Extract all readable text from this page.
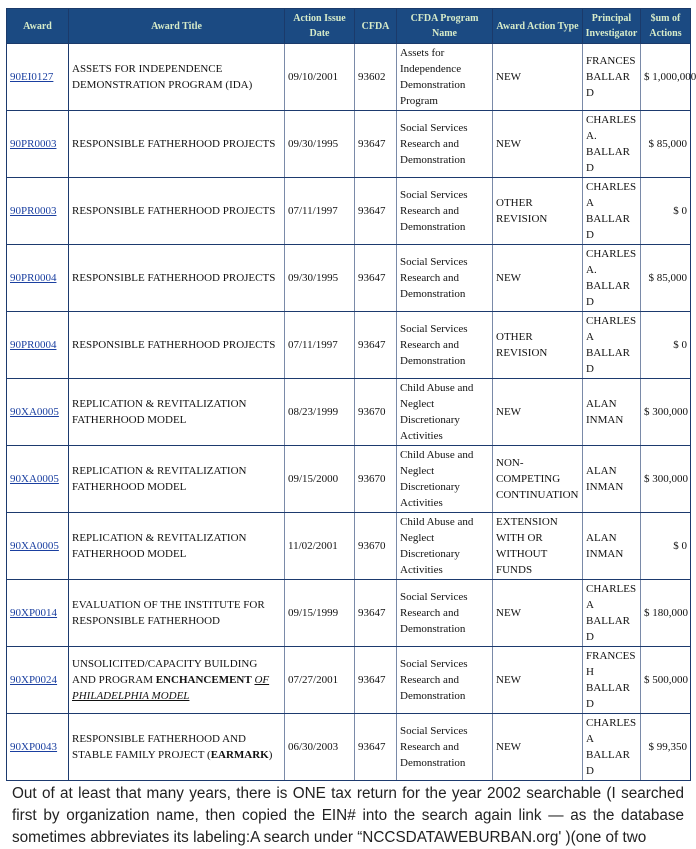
Award	Award Title	Action Issue Date	CFDA	CFDA Program Name	Award Action Type	Principal Investigator	$um of Actions
90EI0127	ASSETS FOR INDEPENDENCE DEMONSTRATION PROGRAM (IDA)	09/10/2001	93602	Assets for Independence Demonstration Program	NEW	FRANCES BALLARD	$ 1,000,000
90PR0003	RESPONSIBLE FATHERHOOD PROJECTS	09/30/1995	93647	Social Services Research and Demonstration	NEW	CHARLES A. BALLARD	$ 85,000
90PR0003	RESPONSIBLE FATHERHOOD PROJECTS	07/11/1997	93647	Social Services Research and Demonstration	OTHER REVISION	CHARLES A BALLARD	$ 0
90PR0004	RESPONSIBLE FATHERHOOD PROJECTS	09/30/1995	93647	Social Services Research and Demonstration	NEW	CHARLES A. BALLARD	$ 85,000
90PR0004	RESPONSIBLE FATHERHOOD PROJECTS	07/11/1997	93647	Social Services Research and Demonstration	OTHER REVISION	CHARLES A BALLARD	$ 0
90XA0005	REPLICATION & REVITALIZATION FATHERHOOD MODEL	08/23/1999	93670	Child Abuse and Neglect Discretionary Activities	NEW	ALAN INMAN	$ 300,000
90XA0005	REPLICATION & REVITALIZATION FATHERHOOD MODEL	09/15/2000	93670	Child Abuse and Neglect Discretionary Activities	NON-COMPETING CONTINUATION	ALAN INMAN	$ 300,000
90XA0005	REPLICATION & REVITALIZATION FATHERHOOD MODEL	11/02/2001	93670	Child Abuse and Neglect Discretionary Activities	EXTENSION WITH OR WITHOUT FUNDS	ALAN INMAN	$ 0
90XP0014	EVALUATION OF THE INSTITUTE FOR RESPONSIBLE FATHERHOOD	09/15/1999	93647	Social Services Research and Demonstration	NEW	CHARLES A BALLARD	$ 180,000
90XP0024	UNSOLICITED/CAPACITY BUILDING AND PROGRAM ENCHANCEMENT OF PHILADELPHIA MODEL	07/27/2001	93647	Social Services Research and Demonstration	NEW	FRANCES H BALLARD	$ 500,000
90XP0043	RESPONSIBLE FATHERHOOD AND STABLE FAMILY PROJECT (EARMARK)	06/30/2003	93647	Social Services Research and Demonstration	NEW	CHARLES A BALLARD	$ 99,350

Out of at least that many years, there is ONE tax return for the year 2002 searchable (I searched first by organization name, then copied the EIN# into the search again link — as the database sometimes abbreviates its labeling:A search under “NCCSDATAWEBURBAN.org' )(one of two
